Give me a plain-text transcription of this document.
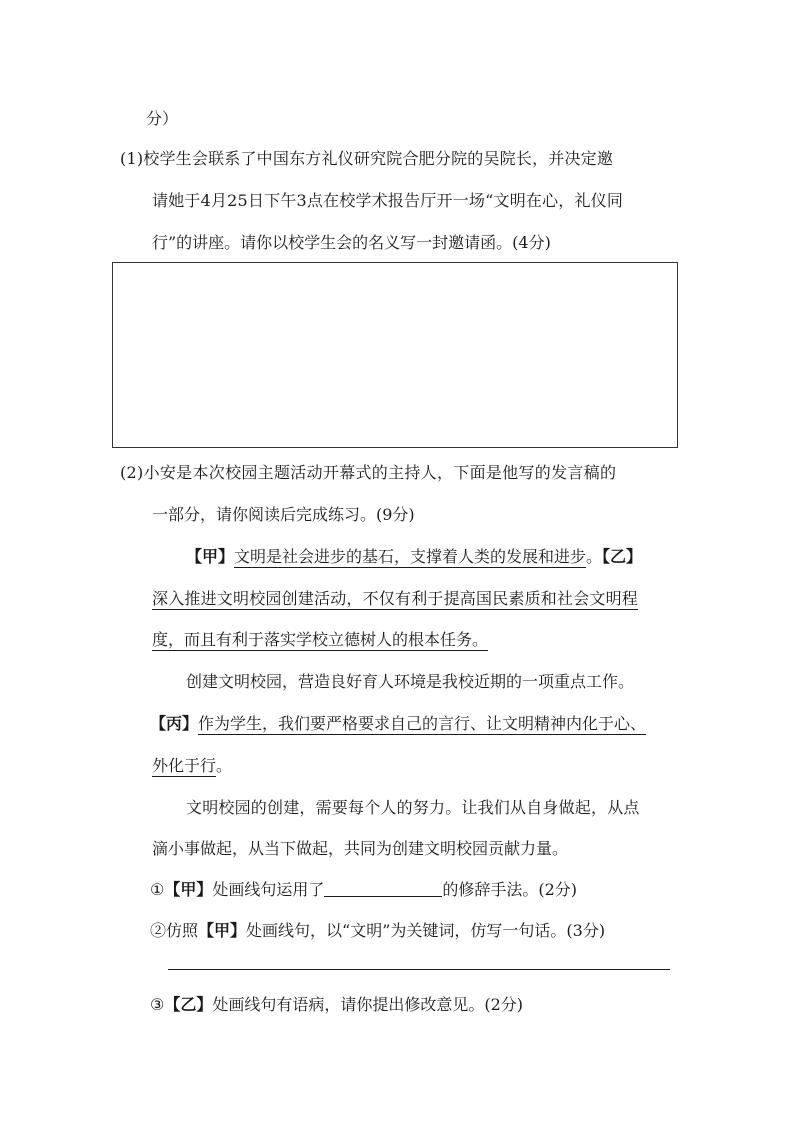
分）
(1)校学生会联系了中国东方礼仪研究院合肥分院的吴院长，并决定邀
请她于4月25日下午3点在校学术报告厅开一场“文明在心，礼仪同
行”的讲座。请你以校学生会的名义写一封邀请函。(4分)
(2)小安是本次校园主题活动开幕式的主持人，下面是他写的发言稿的
一部分，请你阅读后完成练习。(9分)
【甲】文明是社会进步的基石，支撑着人类的发展和进步。【乙】
深入推进文明校园创建活动，不仅有利于提高国民素质和社会文明程
度，而且有利于落实学校立德树人的根本任务。
创建文明校园，营造良好育人环境是我校近期的一项重点工作。
【丙】作为学生，我们要严格要求自己的言行、让文明精神内化于心、
外化于行。
文明校园的创建，需要每个人的努力。让我们从自身做起，从点
滴小事做起，从当下做起，共同为创建文明校园贡献力量。
①【甲】处画线句运用了	的修辞手法。(2分)
②仿照【甲】处画线句，以“文明”为关键词，仿写一句话。(3分)
③【乙】处画线句有语病，请你提出修改意见。(2分)
